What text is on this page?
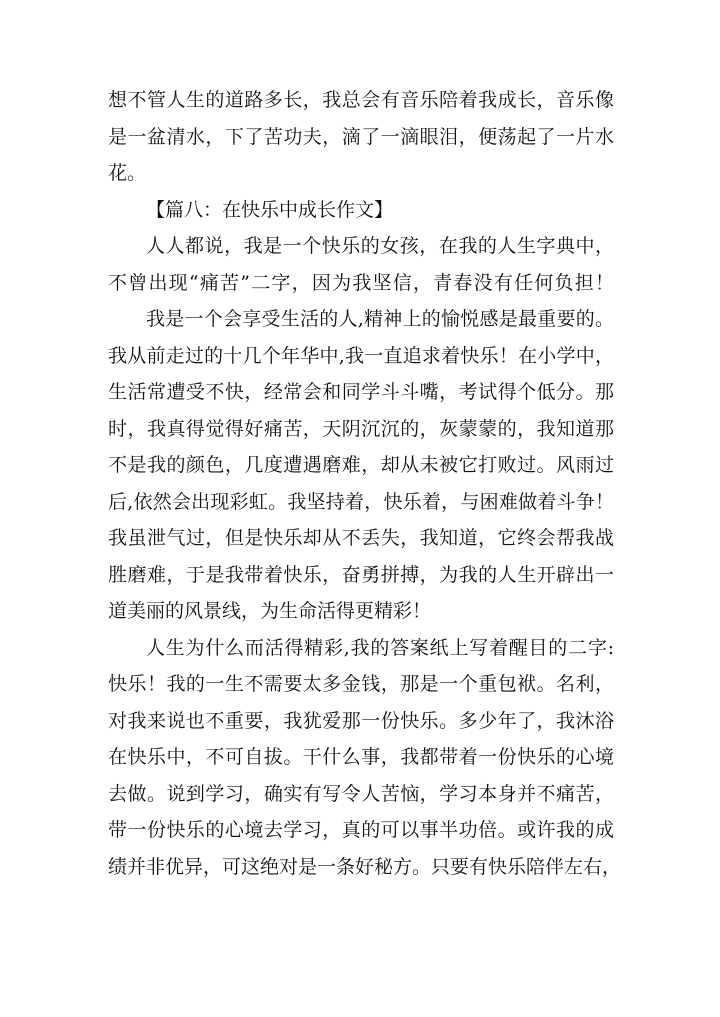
想不管人生的道路多长，我总会有音乐陪着我成长，音乐像
是一盆清水，下了苦功夫，滴了一滴眼泪，便荡起了一片水
花。
【篇八：在快乐中成长作文】
人人都说，我是一个快乐的女孩，在我的人生字典中，
不曾出现“痛苦”二字，因为我坚信，青春没有任何负担！
我是一个会享受生活的人,精神上的愉悦感是最重要的。
我从前走过的十几个年华中,我一直追求着快乐！在小学中，
生活常遭受不快，经常会和同学斗斗嘴，考试得个低分。那
时，我真得觉得好痛苦，天阴沉沉的，灰蒙蒙的，我知道那
不是我的颜色，几度遭遇磨难，却从未被它打败过。风雨过
后,依然会出现彩虹。我坚持着，快乐着，与困难做着斗争！
我虽泄气过，但是快乐却从不丢失，我知道，它终会帮我战
胜磨难，于是我带着快乐，奋勇拼搏，为我的人生开辟出一
道美丽的风景线，为生命活得更精彩！
人生为什么而活得精彩,我的答案纸上写着醒目的二字:
快乐！我的一生不需要太多金钱，那是一个重包袱。名利，
对我来说也不重要，我犹爱那一份快乐。多少年了，我沐浴
在快乐中，不可自拔。干什么事，我都带着一份快乐的心境
去做。说到学习，确实有写令人苦恼，学习本身并不痛苦，
带一份快乐的心境去学习，真的可以事半功倍。或许我的成
绩并非优异，可这绝对是一条好秘方。只要有快乐陪伴左右，
